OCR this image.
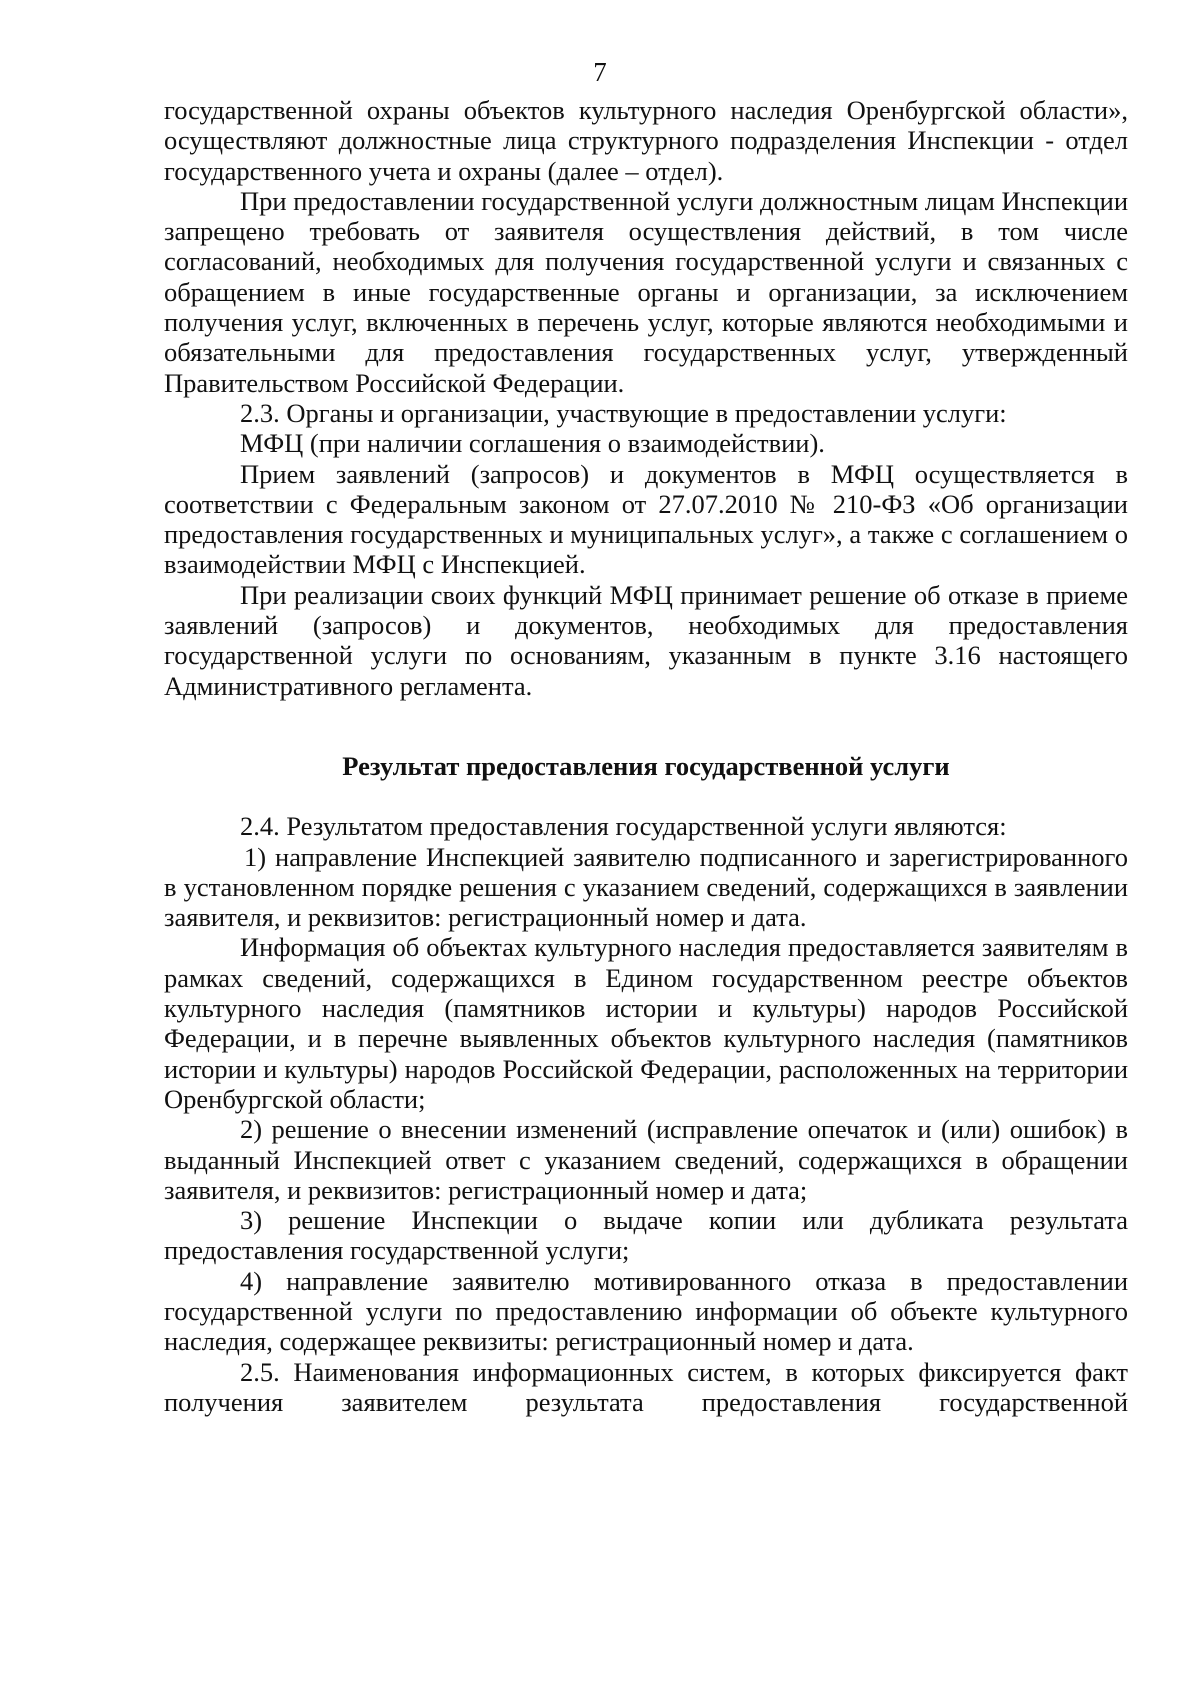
7

государственной охраны объектов культурного наследия Оренбургской области», осуществляют должностные лица структурного подразделения Инспекции - отдел государственного учета и охраны (далее – отдел).

При предоставлении государственной услуги должностным лицам Инспекции запрещено требовать от заявителя осуществления действий, в том числе согласований, необходимых для получения государственной услуги и связанных с обращением в иные государственные органы и организации, за исключением получения услуг, включенных в перечень услуг, которые являются необходимыми и обязательными для предоставления государственных услуг, утвержденный Правительством Российской Федерации.

2.3. Органы и организации, участвующие в предоставлении услуги:

МФЦ (при наличии соглашения о взаимодействии).

Прием заявлений (запросов) и документов в МФЦ осуществляется в соответствии с Федеральным законом от 27.07.2010 № 210-ФЗ «Об организации предоставления государственных и муниципальных услуг», а также с соглашением о взаимодействии МФЦ с Инспекцией.

При реализации своих функций МФЦ принимает решение об отказе в приеме заявлений (запросов) и документов, необходимых для предоставления государственной услуги по основаниям, указанным в пункте 3.16 настоящего Административного регламента.

Результат предоставления государственной услуги

2.4. Результатом предоставления государственной услуги являются:

1) направление Инспекцией заявителю подписанного и зарегистрированного в установленном порядке решения с указанием сведений, содержащихся в заявлении заявителя, и реквизитов: регистрационный номер и дата.

Информация об объектах культурного наследия предоставляется заявителям в рамках сведений, содержащихся в Едином государственном реестре объектов культурного наследия (памятников истории и культуры) народов Российской Федерации, и в перечне выявленных объектов культурного наследия (памятников истории и культуры) народов Российской Федерации, расположенных на территории Оренбургской области;

2) решение о внесении изменений (исправление опечаток и (или) ошибок) в выданный Инспекцией ответ с указанием сведений, содержащихся в обращении заявителя, и реквизитов: регистрационный номер и дата;

3) решение Инспекции о выдаче копии или дубликата результата предоставления государственной услуги;

4) направление заявителю мотивированного отказа в предоставлении государственной услуги по предоставлению информации об объекте культурного наследия, содержащее реквизиты: регистрационный номер и дата.

2.5. Наименования информационных систем, в которых фиксируется факт получения заявителем результата предоставления государственной
